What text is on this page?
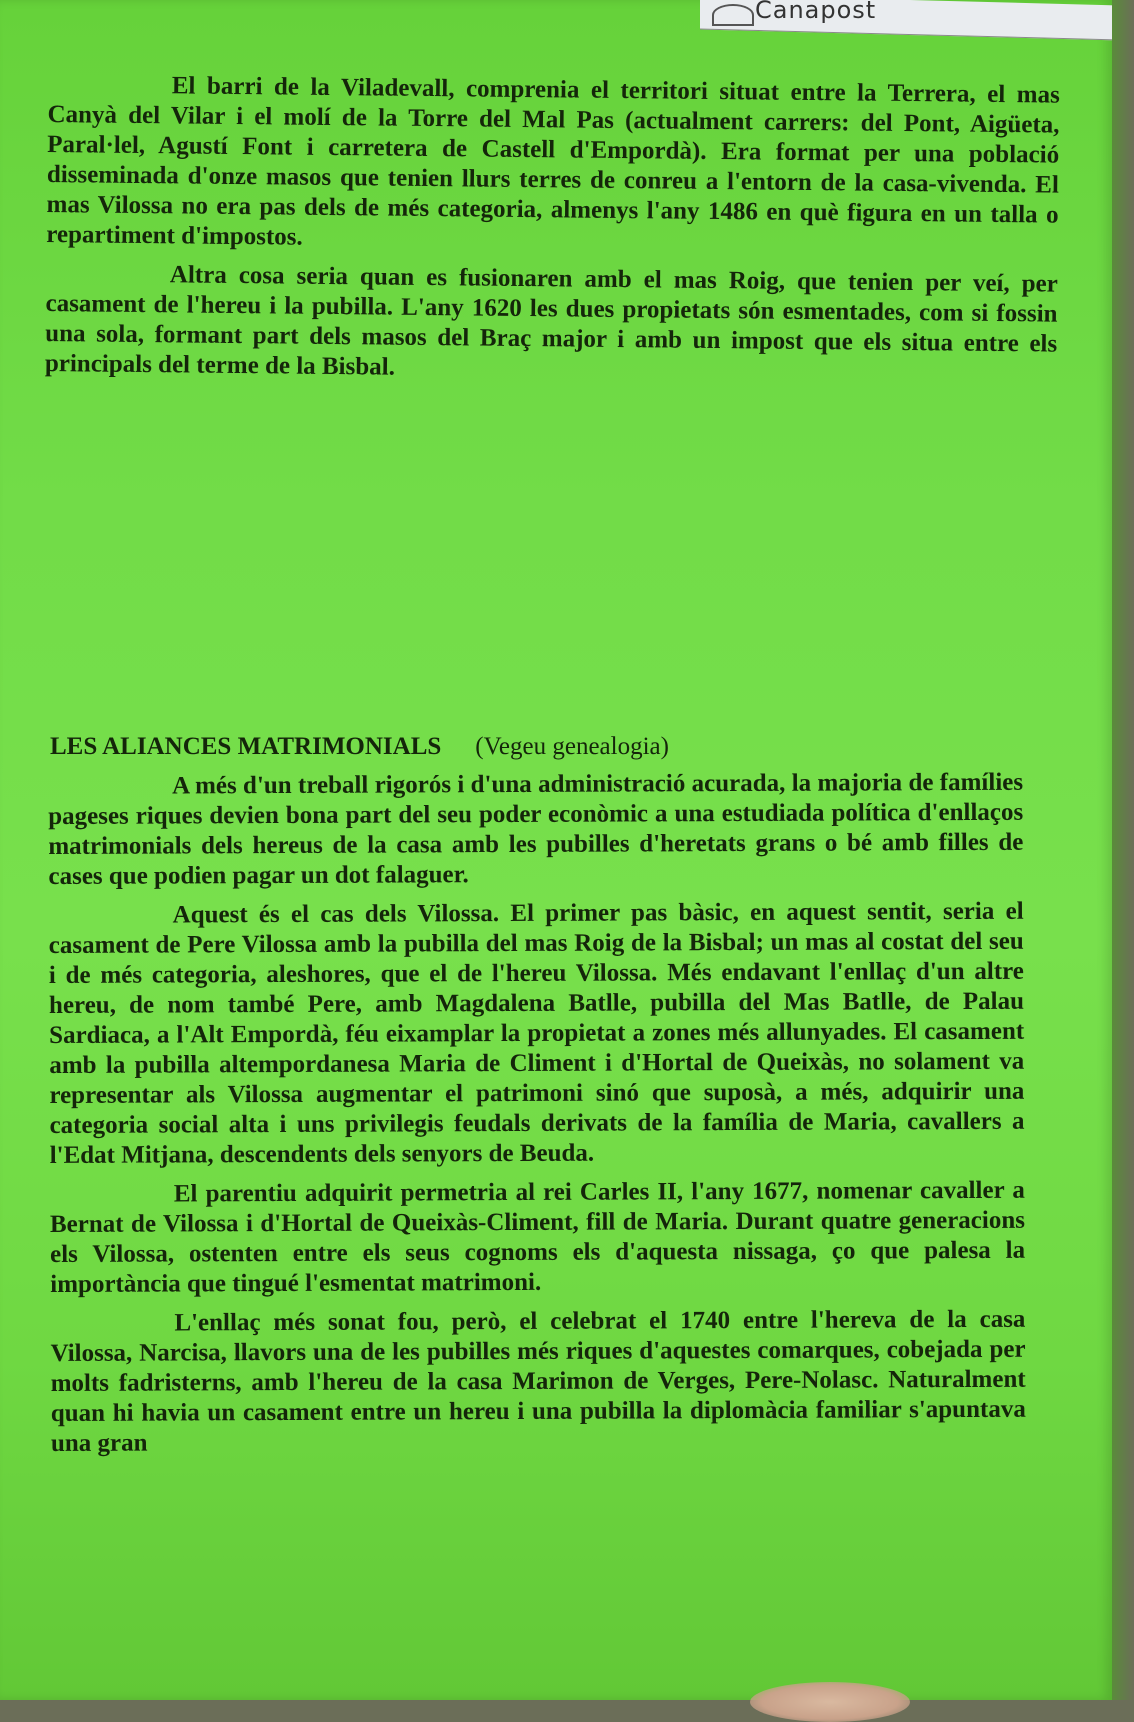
Canapost

El barri de la Viladevall, comprenia el territori situat entre la Terrera, el mas Canyà del Vilar i el molí de la Torre del Mal Pas (actualment carrers: del Pont, Aigüeta, Paral·lel, Agustí Font i carretera de Castell d'Empordà). Era format per una població disseminada d'onze masos que tenien llurs terres de conreu a l'entorn de la casa-vivenda. El mas Vilossa no era pas dels de més categoria, almenys l'any 1486 en què figura en un talla o repartiment d'impostos.

Altra cosa seria quan es fusionaren amb el mas Roig, que tenien per veí, per casament de l'hereu i la pubilla. L'any 1620 les dues propietats són esmentades, com si fossin una sola, formant part dels masos del Braç major i amb un impost que els situa entre els principals del terme de la Bisbal.

LES ALIANCES MATRIMONIALS (Vegeu genealogia)

A més d'un treball rigorós i d'una administració acurada, la majoria de famílies pageses riques devien bona part del seu poder econòmic a una estudiada política d'enllaços matrimonials dels hereus de la casa amb les pubilles d'heretats grans o bé amb filles de cases que podien pagar un dot falaguer.

Aquest és el cas dels Vilossa. El primer pas bàsic, en aquest sentit, seria el casament de Pere Vilossa amb la pubilla del mas Roig de la Bisbal; un mas al costat del seu i de més categoria, aleshores, que el de l'hereu Vilossa. Més endavant l'enllaç d'un altre hereu, de nom també Pere, amb Magdalena Batlle, pubilla del Mas Batlle, de Palau Sardiaca, a l'Alt Empordà, féu eixamplar la propietat a zones més allunyades. El casament amb la pubilla altempordanesa Maria de Climent i d'Hortal de Queixàs, no solament va representar als Vilossa augmentar el patrimoni sinó que suposà, a més, adquirir una categoria social alta i uns privilegis feudals derivats de la família de Maria, cavallers a l'Edat Mitjana, descendents dels senyors de Beuda.

El parentiu adquirit permetria al rei Carles II, l'any 1677, nomenar cavaller a Bernat de Vilossa i d'Hortal de Queixàs-Climent, fill de Maria. Durant quatre generacions els Vilossa, ostenten entre els seus cognoms els d'aquesta nissaga, ço que palesa la importància que tingué l'esmentat matrimoni.

L'enllaç més sonat fou, però, el celebrat el 1740 entre l'hereva de la casa Vilossa, Narcisa, llavors una de les pubilles més riques d'aquestes comarques, cobejada per molts fadristerns, amb l'hereu de la casa Marimon de Verges, Pere-Nolasc. Naturalment quan hi havia un casament entre un hereu i una pubilla la diplomàcia familiar s'apuntava una gran
